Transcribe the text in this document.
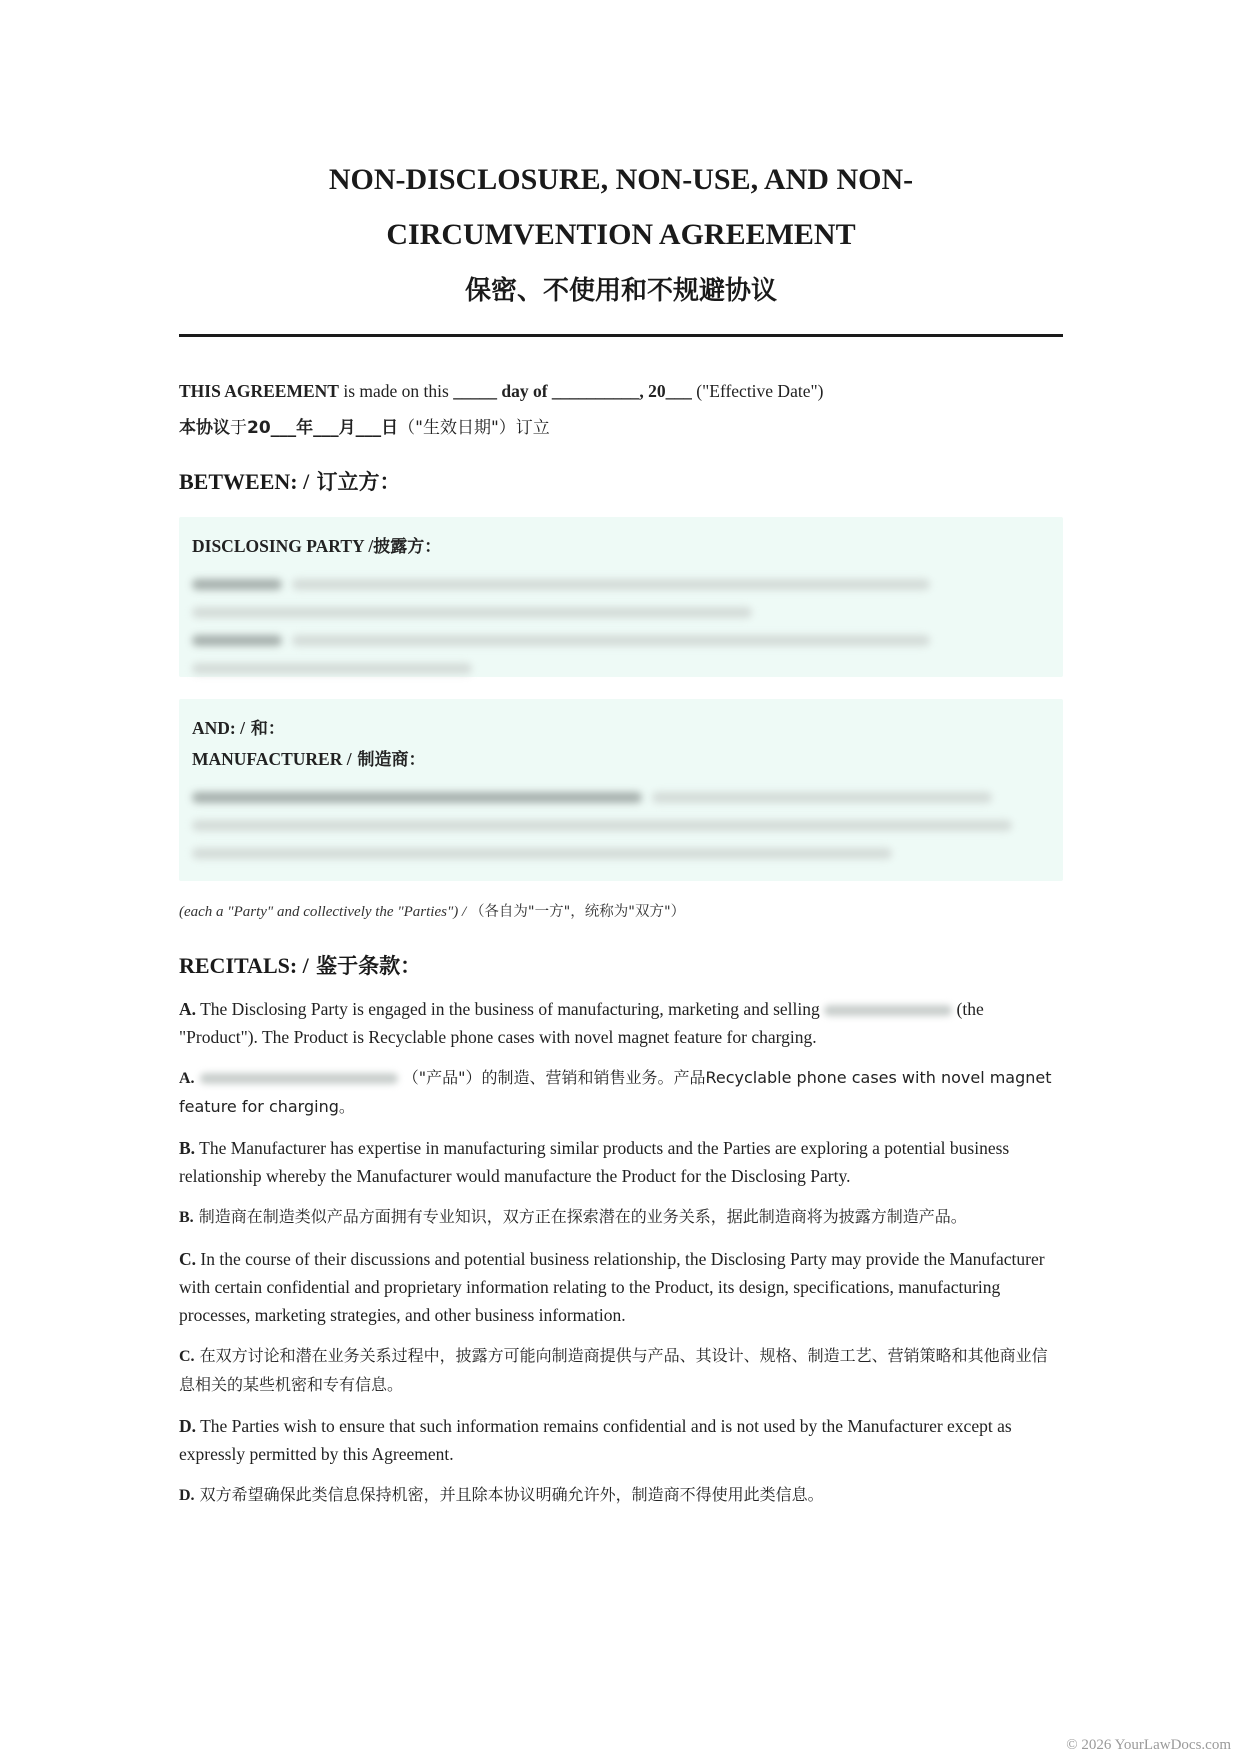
NON-DISCLOSURE, NON-USE, AND NON-
CIRCUMVENTION AGREEMENT
保密、不使用和不规避协议
THIS AGREEMENT is made on this _____ day of __________, 20___ ("Effective Date")
本协议于20___年___月___日（"生效日期"）订立
BETWEEN: / 订立方：
DISCLOSING PARTY /披露方：
AND: / 和：
MANUFACTURER / 制造商：
(each a "Party" and collectively the "Parties") / （各自为"一方"，统称为"双方"）
RECITALS: / 鉴于条款：
A. The Disclosing Party is engaged in the business of manufacturing, marketing and selling	(the "Product"). The Product is Recyclable phone cases with novel magnet feature for charging.
A.	（"产品"）的制造、营销和销售业务。产品Recyclable phone cases with novel magnet feature for charging。
B. The Manufacturer has expertise in manufacturing similar products and the Parties are exploring a potential business relationship whereby the Manufacturer would manufacture the Product for the Disclosing Party.
B. 制造商在制造类似产品方面拥有专业知识，双方正在探索潜在的业务关系，据此制造商将为披露方制造产品。
C. In the course of their discussions and potential business relationship, the Disclosing Party may provide the Manufacturer with certain confidential and proprietary information relating to the Product, its design, specifications, manufacturing processes, marketing strategies, and other business information.
C. 在双方讨论和潜在业务关系过程中，披露方可能向制造商提供与产品、其设计、规格、制造工艺、营销策略和其他商业信息相关的某些机密和专有信息。
D. The Parties wish to ensure that such information remains confidential and is not used by the Manufacturer except as expressly permitted by this Agreement.
D. 双方希望确保此类信息保持机密，并且除本协议明确允许外，制造商不得使用此类信息。
© 2026 YourLawDocs.com
